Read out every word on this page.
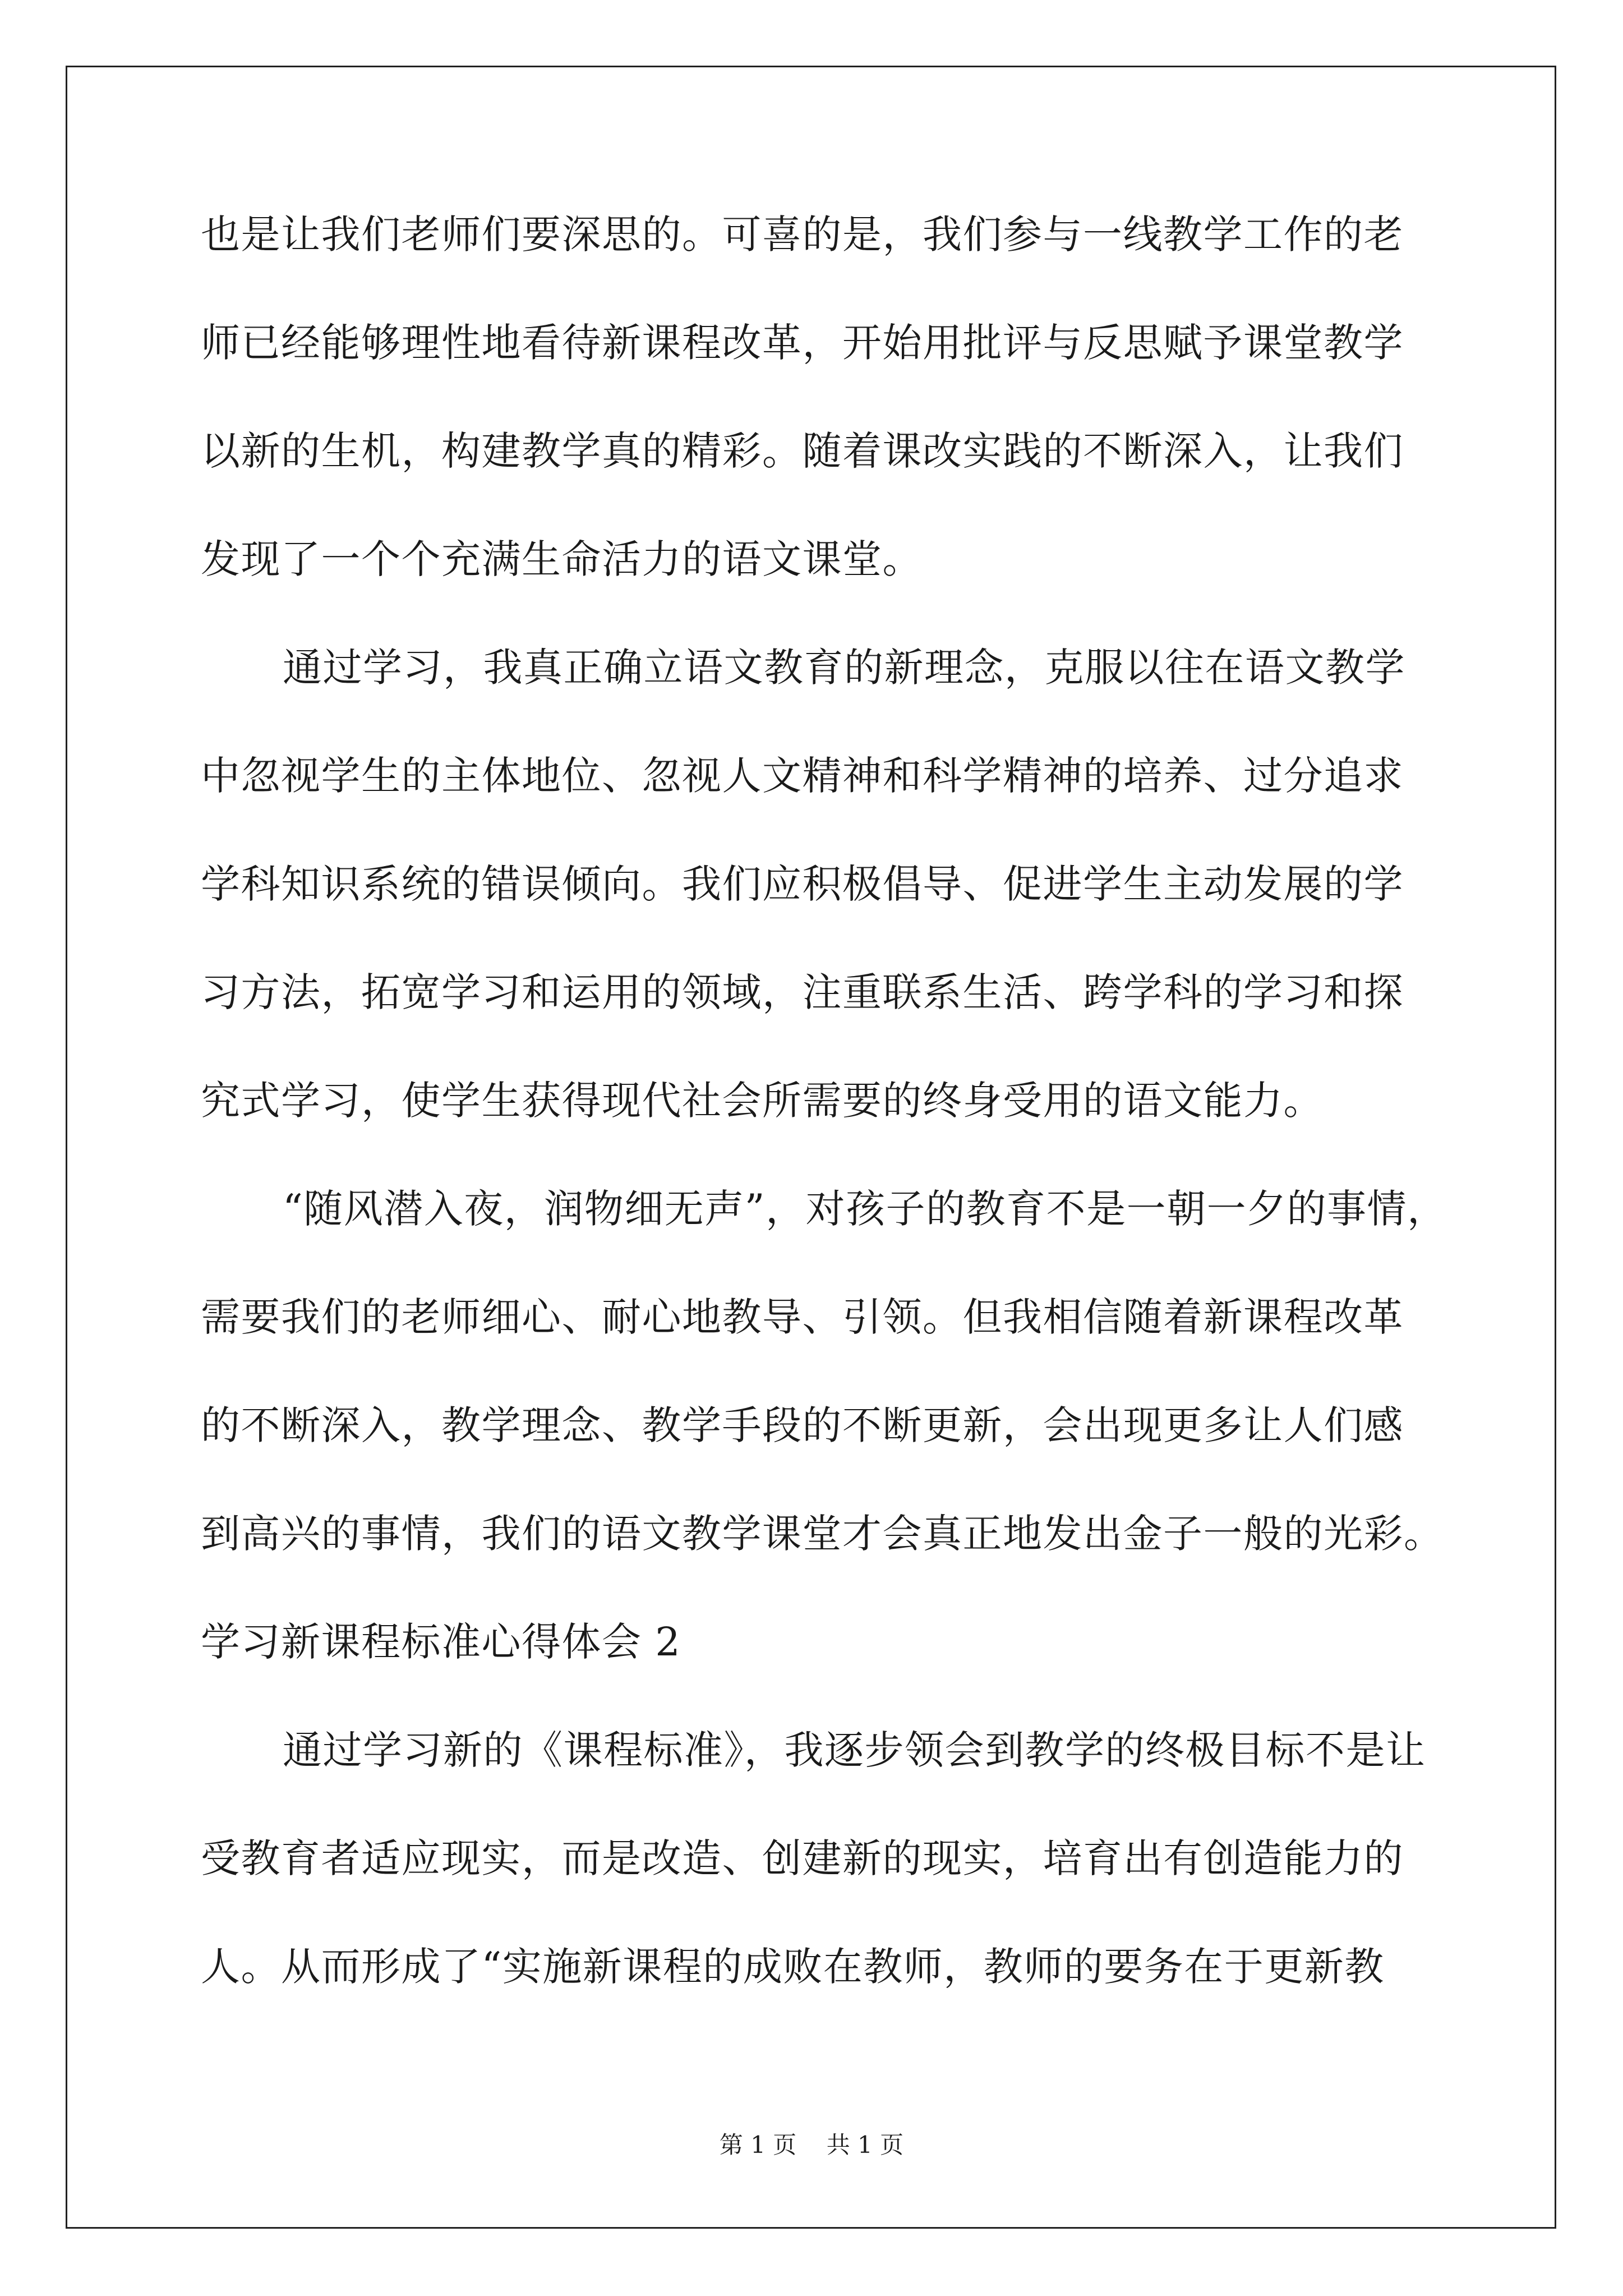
也是让我们老师们要深思的。可喜的是，我们参与一线教学工作的老
师已经能够理性地看待新课程改革，开始用批评与反思赋予课堂教学
以新的生机，构建教学真的精彩。随着课改实践的不断深入，让我们
发现了一个个充满生命活力的语文课堂。
通过学习，我真正确立语文教育的新理念，克服以往在语文教学
中忽视学生的主体地位、忽视人文精神和科学精神的培养、过分追求
学科知识系统的错误倾向。我们应积极倡导、促进学生主动发展的学
习方法，拓宽学习和运用的领域，注重联系生活、跨学科的学习和探
究式学习，使学生获得现代社会所需要的终身受用的语文能力。
“随风潜入夜，润物细无声”，对孩子的教育不是一朝一夕的事情，
需要我们的老师细心、耐心地教导、引领。但我相信随着新课程改革
的不断深入，教学理念、教学手段的不断更新，会出现更多让人们感
到高兴的事情，我们的语文教学课堂才会真正地发出金子一般的光彩。
学习新课程标准心得体会 2
通过学习新的《课程标准》，我逐步领会到教学的终极目标不是让
受教育者适应现实，而是改造、创建新的现实，培育出有创造能力的
人。从而形成了“实施新课程的成败在教师，教师的要务在于更新教
第 1 页    共 1 页
